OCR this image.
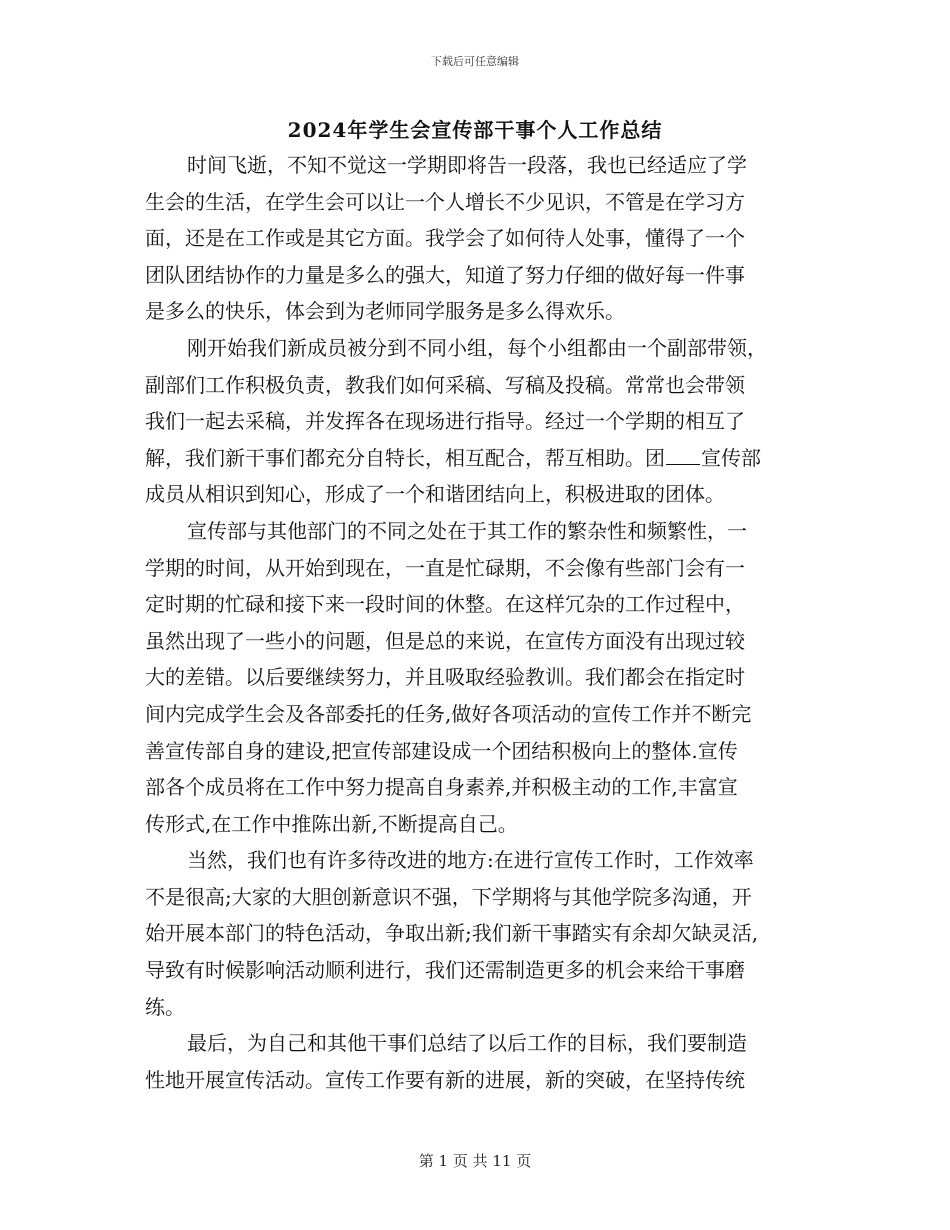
下载后可任意编辑
2024年学生会宣传部干事个人工作总结
时间飞逝，不知不觉这一学期即将告一段落，我也已经适应了学
生会的生活，在学生会可以让一个人增长不少见识，不管是在学习方
面，还是在工作或是其它方面。我学会了如何待人处事，懂得了一个
团队团结协作的力量是多么的强大，知道了努力仔细的做好每一件事
是多么的快乐，体会到为老师同学服务是多么得欢乐。
刚开始我们新成员被分到不同小组，每个小组都由一个副部带领，
副部们工作积极负责，教我们如何采稿、写稿及投稿。常常也会带领
我们一起去采稿，并发挥各在现场进行指导。经过一个学期的相互了
解，我们新干事们都充分自特长，相互配合，帮互相助。团 宣传部
成员从相识到知心，形成了一个和谐团结向上，积极进取的团体。
宣传部与其他部门的不同之处在于其工作的繁杂性和频繁性，一
学期的时间，从开始到现在，一直是忙碌期，不会像有些部门会有一
定时期的忙碌和接下来一段时间的休整。在这样冗杂的工作过程中，
虽然出现了一些小的问题，但是总的来说，在宣传方面没有出现过较
大的差错。以后要继续努力，并且吸取经验教训。我们都会在指定时
间内完成学生会及各部委托的任务,做好各项活动的宣传工作并不断完
善宣传部自身的建设,把宣传部建设成一个团结积极向上的整体.宣传
部各个成员将在工作中努力提高自身素养,并积极主动的工作,丰富宣
传形式,在工作中推陈出新,不断提高自己。
当然，我们也有许多待改进的地方:在进行宣传工作时，工作效率
不是很高;大家的大胆创新意识不强，下学期将与其他学院多沟通，开
始开展本部门的特色活动，争取出新;我们新干事踏实有余却欠缺灵活,
导致有时候影响活动顺利进行，我们还需制造更多的机会来给干事磨
练。
最后，为自己和其他干事们总结了以后工作的目标，我们要制造
性地开展宣传活动。宣传工作要有新的进展，新的突破，在坚持传统
第 1 页 共 11 页
